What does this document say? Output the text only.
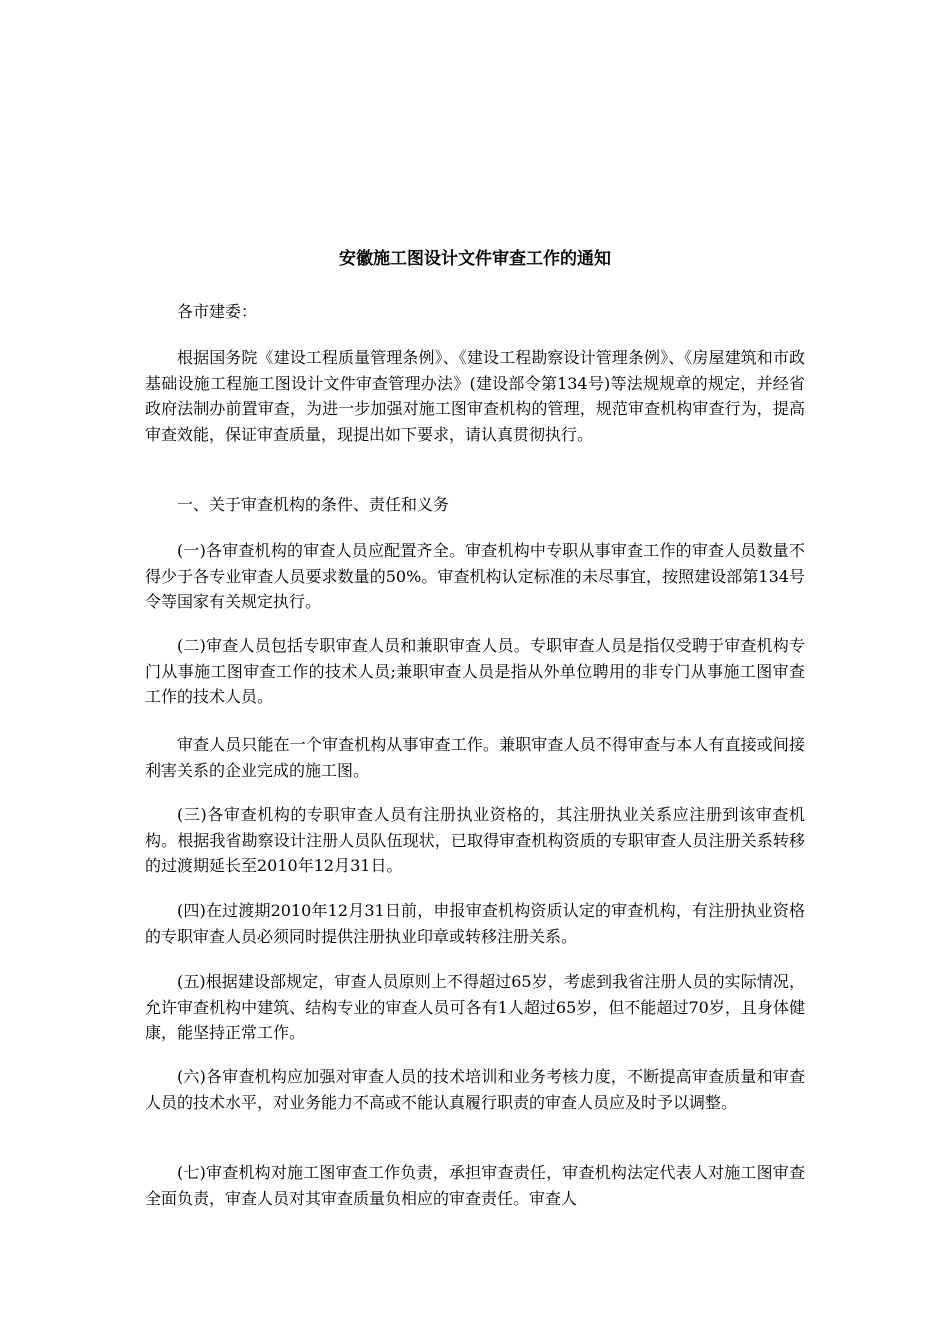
安徽施工图设计文件审查工作的通知

各市建委：

根据国务院《建设工程质量管理条例》、《建设工程勘察设计管理条例》、《房屋建筑和市政基础设施工程施工图设计文件审查管理办法》(建设部令第134号)等法规规章的规定，并经省政府法制办前置审查，为进一步加强对施工图审查机构的管理，规范审查机构审查行为，提高审查效能，保证审查质量，现提出如下要求，请认真贯彻执行。

一、关于审查机构的条件、责任和义务

(一)各审查机构的审查人员应配置齐全。审查机构中专职从事审查工作的审查人员数量不得少于各专业审查人员要求数量的50%。审查机构认定标准的未尽事宜，按照建设部第134号令等国家有关规定执行。

(二)审查人员包括专职审查人员和兼职审查人员。专职审查人员是指仅受聘于审查机构专门从事施工图审查工作的技术人员;兼职审查人员是指从外单位聘用的非专门从事施工图审查工作的技术人员。

审查人员只能在一个审查机构从事审查工作。兼职审查人员不得审查与本人有直接或间接利害关系的企业完成的施工图。

(三)各审查机构的专职审查人员有注册执业资格的，其注册执业关系应注册到该审查机构。根据我省勘察设计注册人员队伍现状，已取得审查机构资质的专职审查人员注册关系转移的过渡期延长至2010年12月31日。

(四)在过渡期2010年12月31日前，申报审查机构资质认定的审查机构，有注册执业资格的专职审查人员必须同时提供注册执业印章或转移注册关系。

(五)根据建设部规定，审查人员原则上不得超过65岁，考虑到我省注册人员的实际情况，允许审查机构中建筑、结构专业的审查人员可各有1人超过65岁，但不能超过70岁，且身体健康，能坚持正常工作。

(六)各审查机构应加强对审查人员的技术培训和业务考核力度，不断提高审查质量和审查人员的技术水平，对业务能力不高或不能认真履行职责的审查人员应及时予以调整。

(七)审查机构对施工图审查工作负责，承担审查责任，审查机构法定代表人对施工图审查全面负责，审查人员对其审查质量负相应的审查责任。审查人
